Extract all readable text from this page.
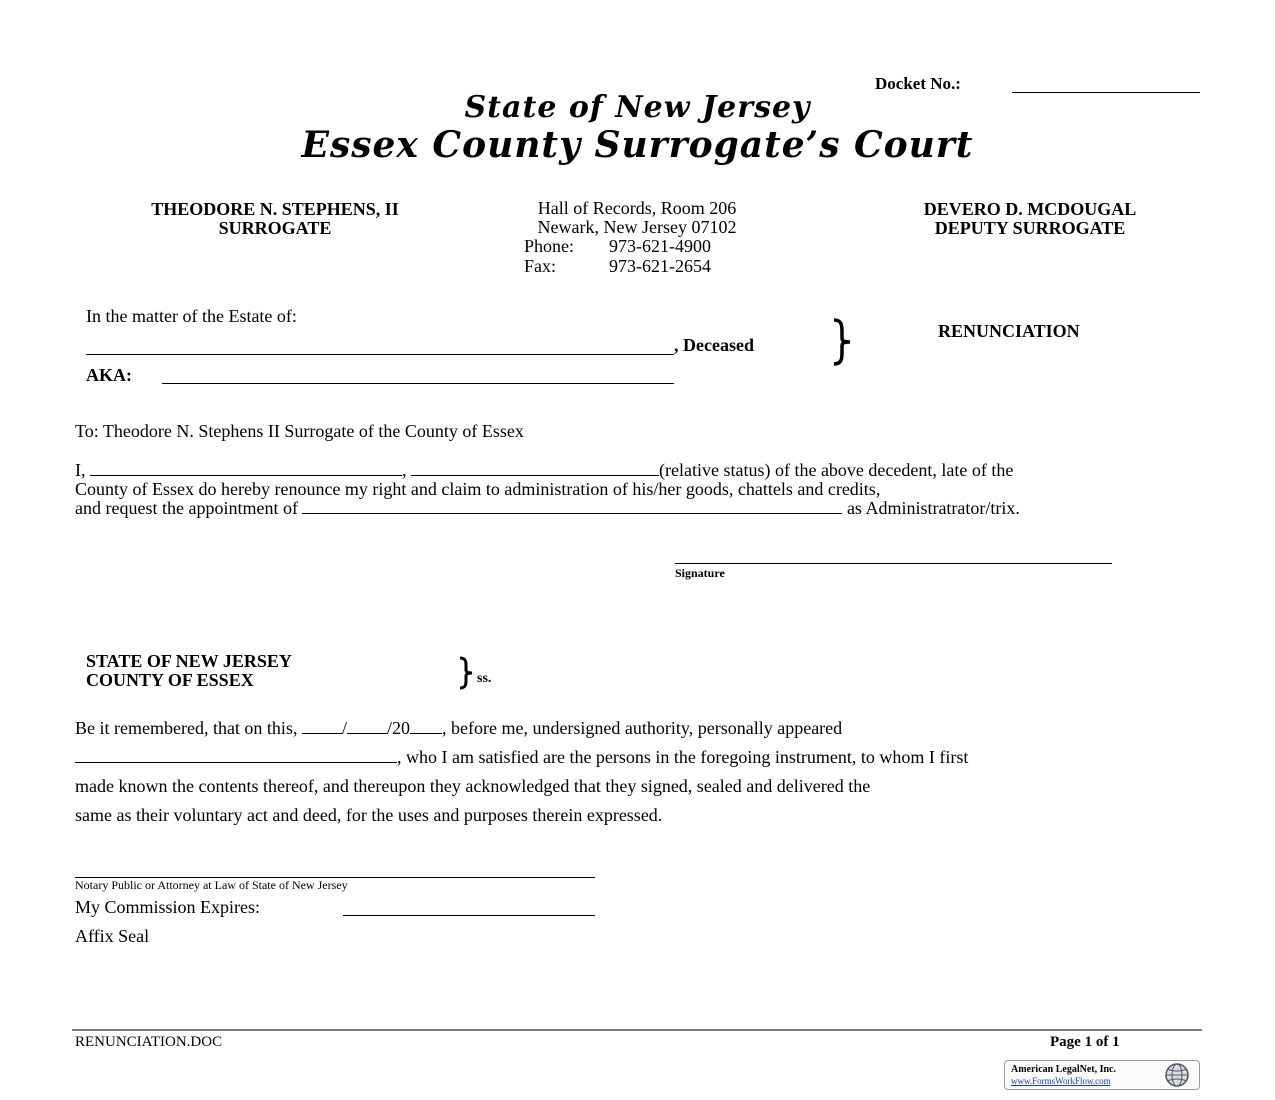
Docket No.:
State of New Jersey
Essex County Surrogate’s Court
THEODORE N. STEPHENS, II
SURROGATE
Hall of Records, Room 206
Newark, New Jersey 07102
Phone: 973-621-4900
Fax:	973-621-2654
DEVERO D. MCDOUGAL
DEPUTY SURROGATE
In the matter of the Estate of:
, Deceased
AKA:
RENUNCIATION
To: Theodore N. Stephens II Surrogate of the County of Essex
I,	,	(relative status) of the above decedent, late of the
County of Essex do hereby renounce my right and claim to administration of his/her goods, chattels and credits,
and request the appointment of	as Administratrator/trix.
Signature
STATE OF NEW JERSEY
COUNTY OF ESSEX	ss.
Be it remembered, that on this, / /20 , before me, undersigned authority, personally appeared
, who I am satisfied are the persons in the foregoing instrument, to whom I first
made known the contents thereof, and thereupon they acknowledged that they signed, sealed and delivered the
same as their voluntary act and deed, for the uses and purposes therein expressed.
Notary Public or Attorney at Law of State of New Jersey
My Commission Expires:
Affix Seal
RENUNCIATION.DOC	Page 1 of 1
American LegalNet, Inc.
www.FormsWorkFlow.com
